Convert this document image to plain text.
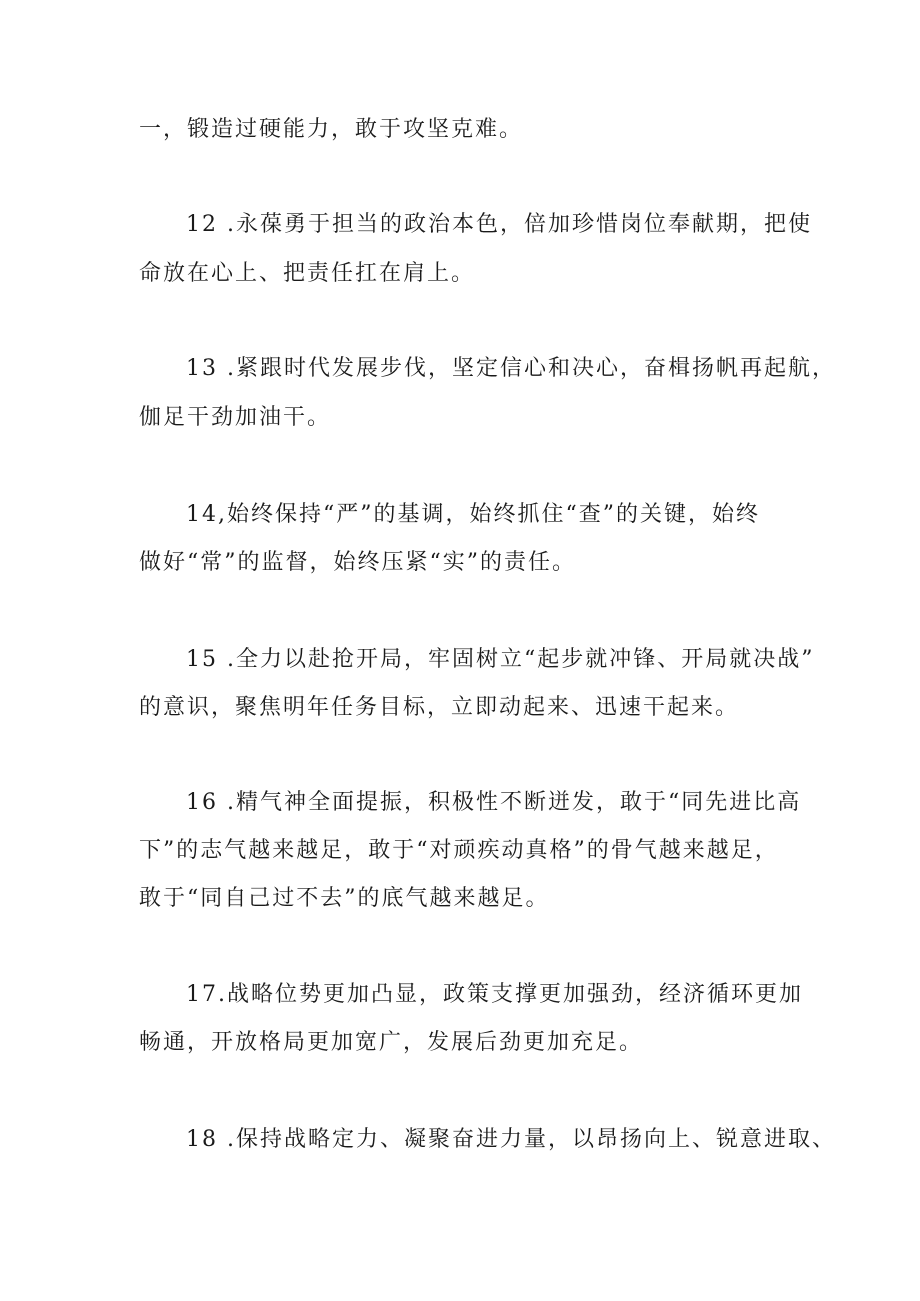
一，锻造过硬能力，敢于攻坚克难。
12 .永葆勇于担当的政治本色，倍加珍惜岗位奉献期，把使
命放在心上、把责任扛在肩上。
13 .紧跟时代发展步伐，坚定信心和决心，奋楫扬帆再起航，
伽足干劲加油干。
14,始终保持“严”的基调，始终抓住“查”的关键，始终
做好“常”的监督，始终压紧“实”的责任。
15 .全力以赴抢开局，牢固树立“起步就冲锋、开局就决战”
的意识，聚焦明年任务目标，立即动起来、迅速干起来。
16 .精气神全面提振，积极性不断迸发，敢于“同先进比高
下”的志气越来越足，敢于“对顽疾动真格”的骨气越来越足，
敢于“同自己过不去”的底气越来越足。
17.战略位势更加凸显，政策支撑更加强劲，经济循环更加
畅通，开放格局更加宽广，发展后劲更加充足。
18 .保持战略定力、凝聚奋进力量，以昂扬向上、锐意进取、
